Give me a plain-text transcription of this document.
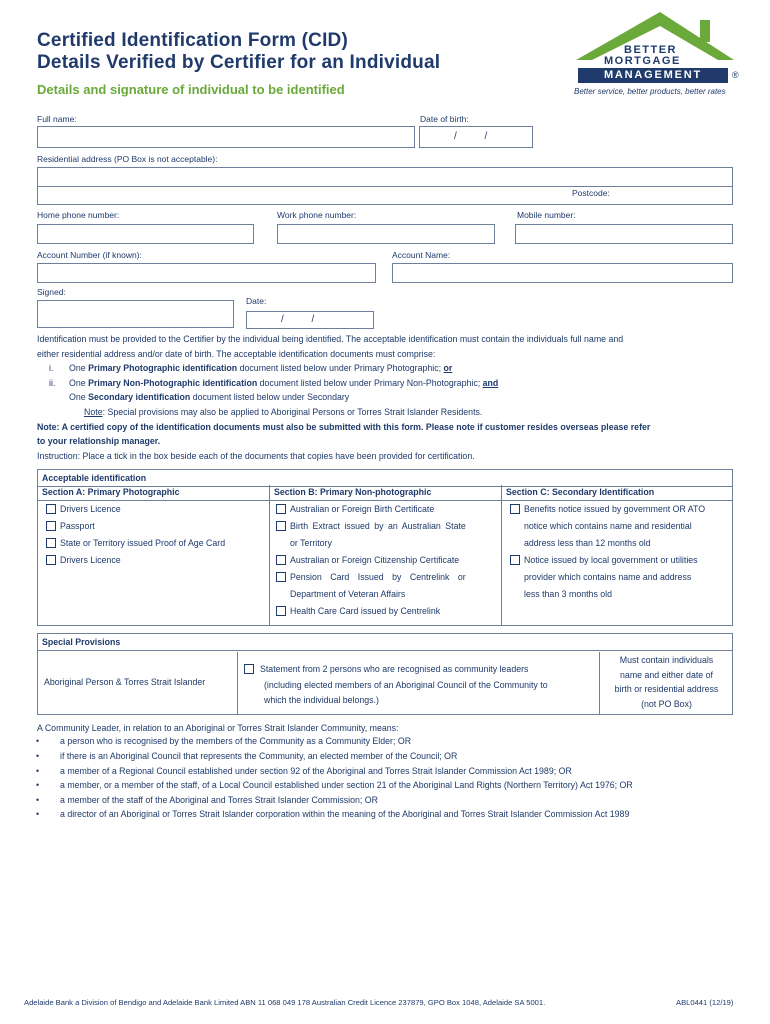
Certified Identification Form (CID)
Details Verified by Certifier for an Individual
Details and signature of individual to be identified
BETTER
MORTGAGE
MANAGEMENT	®
Better service, better products, better rates
Full name:	Date of birth:
/          /
Residential address (PO Box is not acceptable):
Postcode:
Home phone number:	Work phone number:	Mobile number:
Account Number (if known):	Account Name:
Signed:
Date:
/          /
Identification must be provided to the Certifier by the individual being identified. The acceptable identification must contain the individuals full name and
either residential address and/or date of birth. The acceptable identification documents must comprise:
i. One Primary Photographic identification document listed below under Primary Photographic; or
ii. One Primary Non-Photographic identification document listed below under Primary Non-Photographic; and
One Secondary identification document listed below under Secondary
Note: Special provisions may also be applied to Aboriginal Persons or Torres Strait Islander Residents.
Note: A certified copy of the identification documents must also be submitted with this form. Please note if customer resides overseas please refer
to your relationship manager.
Instruction: Place a tick in the box beside each of the documents that copies have been provided for certification.
Acceptable identification
Section A: Primary Photographic
Drivers Licence
Passport
State or Territory issued Proof of Age Card
Drivers Licence
Section B: Primary Non-photographic
Australian or Foreign Birth Certificate
Birth Extract issued by an Australian State
or Territory
Australian or Foreign Citizenship Certificate
Pension Card Issued by Centrelink or
Department of Veteran Affairs
Health Care Card issued by Centrelink
Section C: Secondary Identification
Benefits notice issued by government OR ATO
notice which contains name and residential
address less than 12 months old
Notice issued by local government or utilities
provider which contains name and address
less than 3 months old
Special Provisions
Aboriginal Person & Torres Strait Islander
Statement from 2 persons who are recognised as community leaders
(including elected members of an Aboriginal Council of the Community to
which the individual belongs.)
Must contain individuals
name and either date of
birth or residential address
(not PO Box)
A Community Leader, in relation to an Aboriginal or Torres Strait Islander Community, means:
• a person who is recognised by the members of the Community as a Community Elder; OR
• if there is an Aboriginal Council that represents the Community, an elected member of the Council; OR
• a member of a Regional Council established under section 92 of the Aboriginal and Torres Strait Islander Commission Act 1989; OR
• a member, or a member of the staff, of a Local Council established under section 21 of the Aboriginal Land Rights (Northern Territory) Act 1976; OR
• a member of the staff of the Aboriginal and Torres Strait Islander Commission; OR
• a director of an Aboriginal or Torres Strait Islander corporation within the meaning of the Aboriginal and Torres Strait Islander Commission Act 1989
Adelaide Bank a Division of Bendigo and Adelaide Bank Limited ABN 11 068 049 178 Australian Credit Licence 237879, GPO Box 1048, Adelaide SA 5001.	ABL0441 (12/19)
